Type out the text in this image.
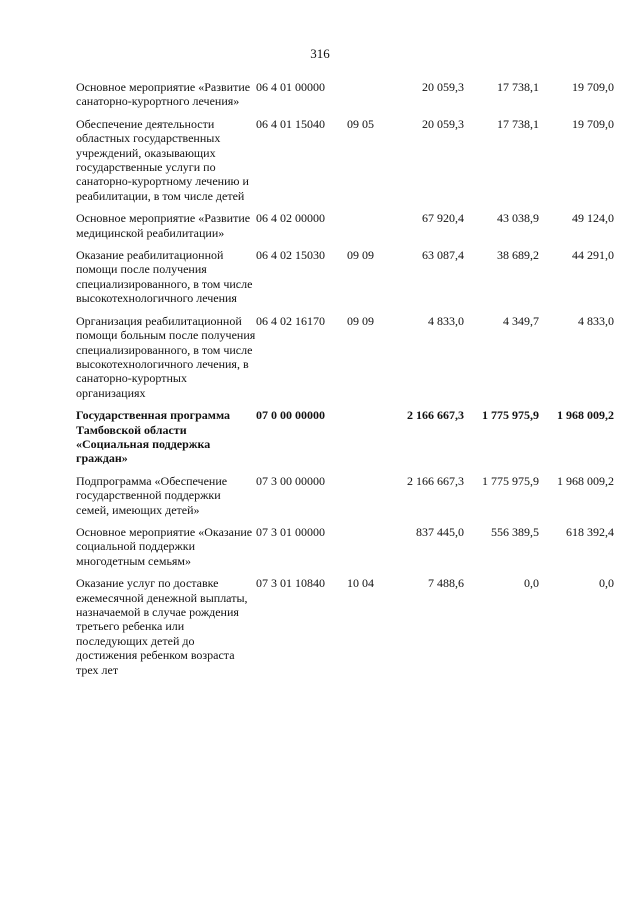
316
Основное мероприятие «Развитие санаторно-курортного лечения»	06 4 01 00000		20 059,3	17 738,1	19 709,0
Обеспечение деятельности областных государственных учреждений, оказывающих государственные услуги по санаторно-курортному лечению и реабилитации, в том числе детей	06 4 01 15040	09 05	20 059,3	17 738,1	19 709,0
Основное мероприятие «Развитие медицинской реабилитации»	06 4 02 00000		67 920,4	43 038,9	49 124,0
Оказание реабилитационной помощи после получения специализированного, в том числе высокотехнологичного лечения	06 4 02 15030	09 09	63 087,4	38 689,2	44 291,0
Организация реабилитационной помощи больным после получения специализированного, в том числе высокотехнологичного лечения, в санаторно-курортных организациях	06 4 02 16170	09 09	4 833,0	4 349,7	4 833,0
Государственная программа Тамбовской области «Социальная поддержка граждан»	07 0 00 00000		2 166 667,3	1 775 975,9	1 968 009,2
Подпрограмма «Обеспечение государственной поддержки семей, имеющих детей»	07 3 00 00000		2 166 667,3	1 775 975,9	1 968 009,2
Основное мероприятие «Оказание социальной поддержки многодетным семьям»	07 3 01 00000		837 445,0	556 389,5	618 392,4
Оказание услуг по доставке ежемесячной денежной выплаты, назначаемой в случае рождения третьего ребенка или последующих детей до достижения ребенком возраста трех лет	07 3 01 10840	10 04	7 488,6	0,0	0,0
